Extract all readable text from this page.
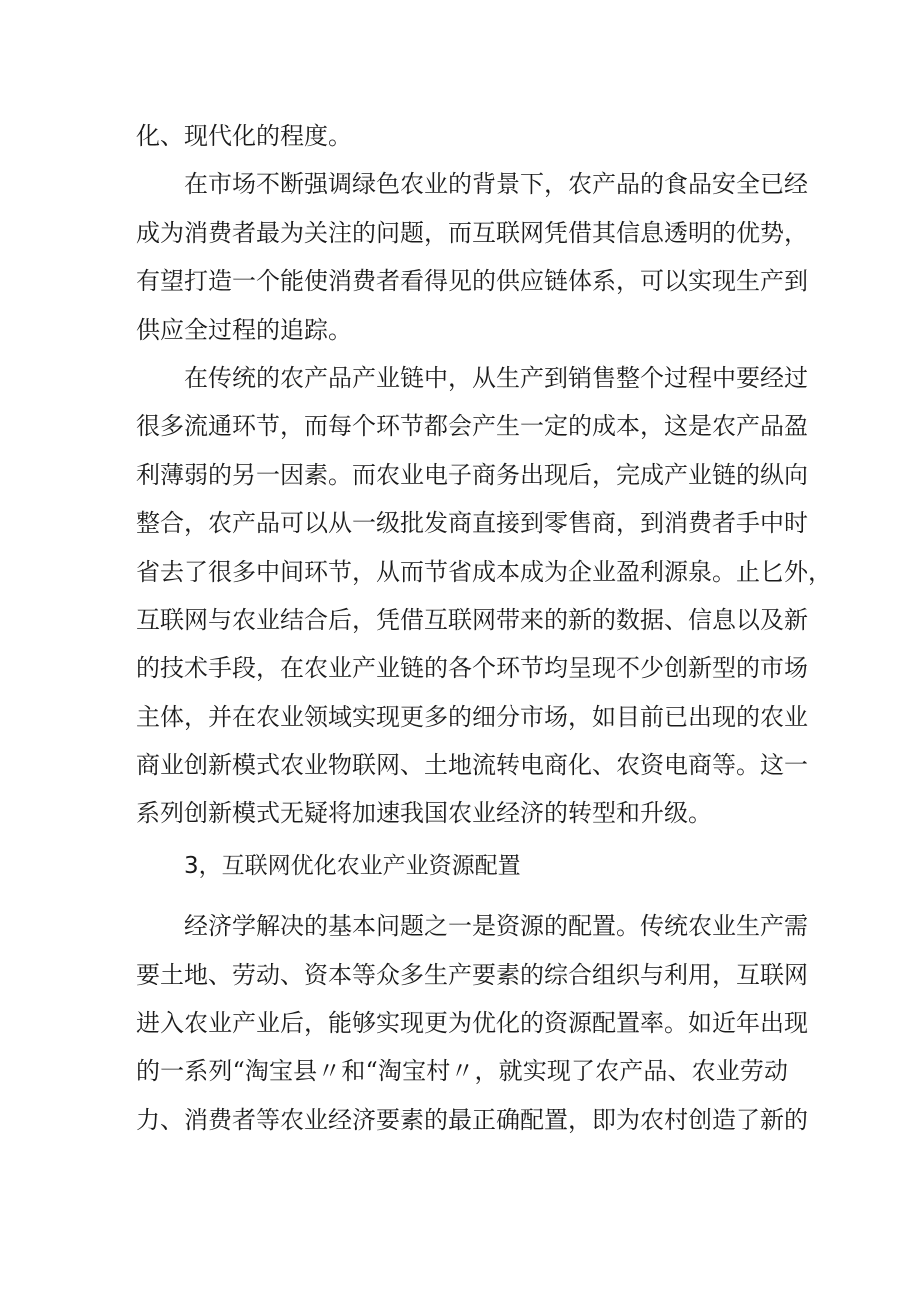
化、现代化的程度。
在市场不断强调绿色农业的背景下，农产品的食品安全已经
成为消费者最为关注的问题，而互联网凭借其信息透明的优势，
有望打造一个能使消费者看得见的供应链体系，可以实现生产到
供应全过程的追踪。
在传统的农产品产业链中，从生产到销售整个过程中要经过
很多流通环节，而每个环节都会产生一定的成本，这是农产品盈
利薄弱的另一因素。而农业电子商务出现后，完成产业链的纵向
整合，农产品可以从一级批发商直接到零售商，到消费者手中时
省去了很多中间环节，从而节省成本成为企业盈利源泉。止匕外，
互联网与农业结合后，凭借互联网带来的新的数据、信息以及新
的技术手段，在农业产业链的各个环节均呈现不少创新型的市场
主体，并在农业领域实现更多的细分市场，如目前已出现的农业
商业创新模式农业物联网、土地流转电商化、农资电商等。这一
系列创新模式无疑将加速我国农业经济的转型和升级。
3，互联网优化农业产业资源配置
经济学解决的基本问题之一是资源的配置。传统农业生产需
要土地、劳动、资本等众多生产要素的综合组织与利用，互联网
进入农业产业后，能够实现更为优化的资源配置率。如近年出现
的一系列“淘宝县〃和“淘宝村〃，就实现了农产品、农业劳动
力、消费者等农业经济要素的最正确配置，即为农村创造了新的
